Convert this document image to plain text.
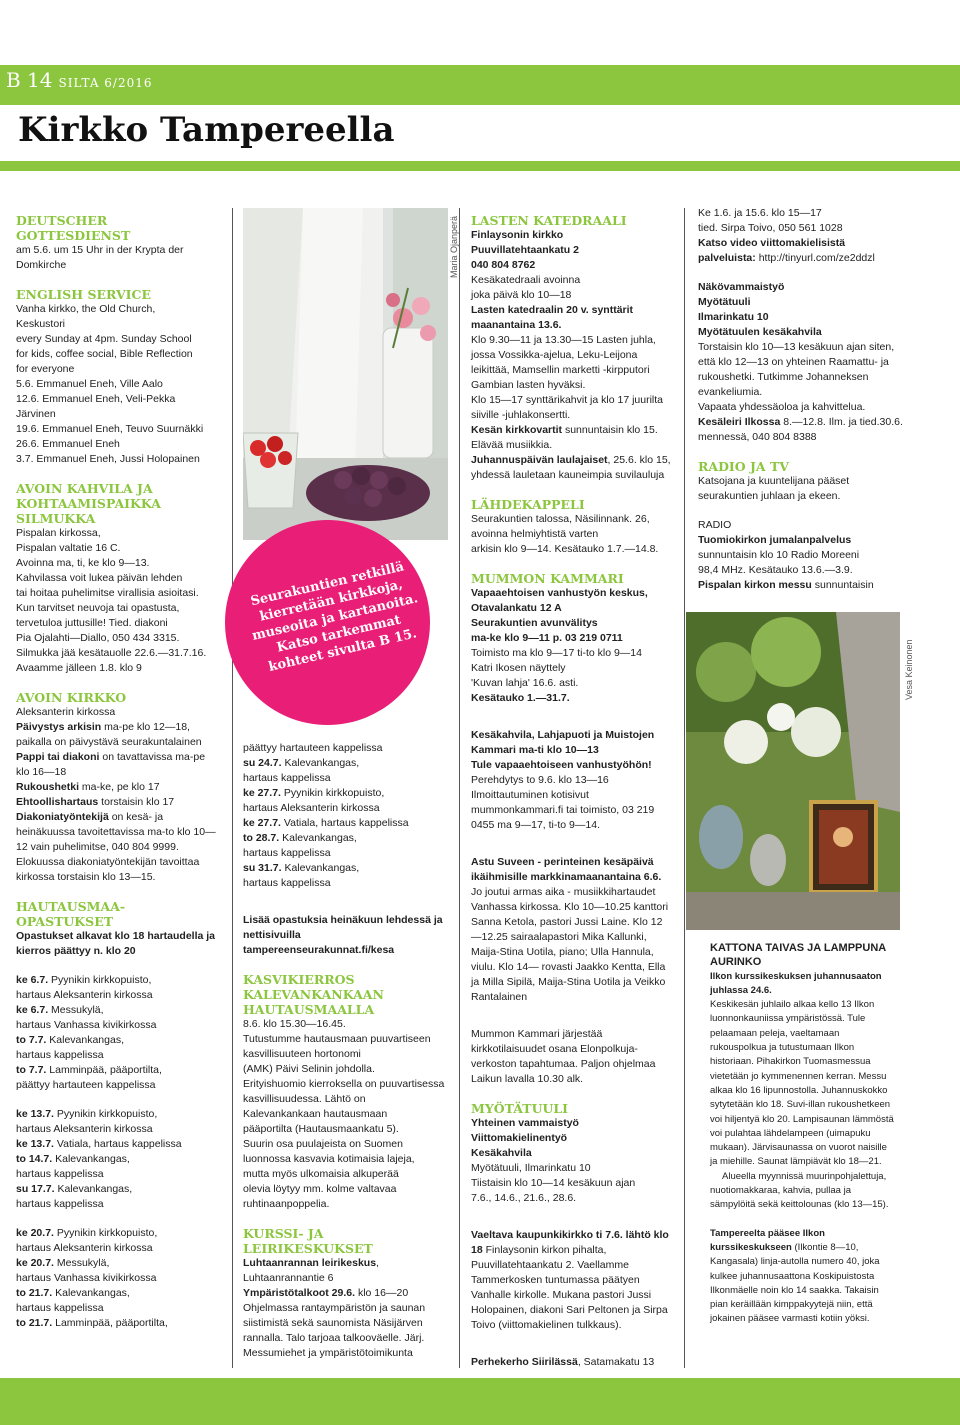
B 14 SILTA 6/2016
Kirkko Tampereella

DEUTSCHER GOTTESDIENST

am 5.6. um 15 Uhr in der Krypta der

Domkirche

ENGLISH SERVICE

Vanha kirkko, the Old Church,

Keskustori

every Sunday at 4pm. Sunday School

for kids, coffee social, Bible Reflection

for everyone

5.6. Emmanuel Eneh, Ville Aalo

12.6. Emmanuel Eneh, Veli-Pekka

Järvinen

19.6. Emmanuel Eneh, Teuvo Suurnäkki

26.6. Emmanuel Eneh

3.7. Emmanuel Eneh, Jussi Holopainen

AVOIN KAHVILA JA KOHTAAMISPAIKKA SILMUKKA

Pispalan kirkossa,

Pispalan valtatie 16 C.

Avoinna ma, ti, ke klo 9—13.

Kahvilassa voit lukea päivän lehden

tai hoitaa puhelimitse virallisia asioitasi.

Kun tarvitset neuvoja tai opastusta,

tervetuloa juttusille! Tied. diakoni

Pia Ojalahti—Diallo, 050 434 3315.

Silmukka jää kesätauolle 22.6.—31.7.16.

Avaamme jälleen 1.8. klo 9

AVOIN KIRKKO

Aleksanterin kirkossa

Päivystys arkisin ma-pe klo 12—18, paikalla on päivystävä seurakuntalainen

Pappi tai diakoni on tavattavissa ma-pe klo 16—18

Rukoushetki ma-ke, pe klo 17

Ehtoollishartaus torstaisin klo 17

Diakoniatyöntekijä on kesä- ja heinäkuussa tavoitettavissa ma-to klo 10—12 vain puhelimitse, 040 804 9999.

Elokuussa diakoniatyöntekijän tavoittaa kirkossa torstaisin klo 13—15.

HAUTAUSMAA-OPASTUKSET

Opastukset alkavat klo 18 hartaudella ja kierros päättyy n. klo 20

ke 6.7. Pyynikin kirkkopuisto,

hartaus Aleksanterin kirkossa

ke 6.7. Messukylä,

hartaus Vanhassa kivikirkossa

to 7.7. Kalevankangas,

hartaus kappelissa

to 7.7. Lamminpää, pääportilta,

päättyy hartauteen kappelissa

ke 13.7. Pyynikin kirkkopuisto,

hartaus Aleksanterin kirkossa

ke 13.7. Vatiala, hartaus kappelissa

to 14.7. Kalevankangas,

hartaus kappelissa

su 17.7. Kalevankangas,

hartaus kappelissa

ke 20.7. Pyynikin kirkkopuisto,

hartaus Aleksanterin kirkossa

ke 20.7. Messukylä,

hartaus Vanhassa kivikirkossa

to 21.7. Kalevankangas,

hartaus kappelissa

to 21.7. Lamminpää, pääportilta,

Maria Ojanperä
Seurakuntien retkillä kierretään kirkkoja, museoita ja kartanoita. Katso tarkemmat kohteet sivulta B 15.

päättyy hartauteen kappelissa

su 24.7. Kalevankangas,

hartaus kappelissa

ke 27.7. Pyynikin kirkkopuisto,

hartaus Aleksanterin kirkossa

ke 27.7. Vatiala, hartaus kappelissa

to 28.7. Kalevankangas,

hartaus kappelissa

su 31.7. Kalevankangas,

hartaus kappelissa

Lisää opastuksia heinäkuun lehdessä ja nettisivuilla tampereenseurakunnat.fi/kesa

KASVIKIERROS KALEVANKANKAAN HAUTAUSMAALLA

8.6. klo 15.30—16.45.

Tutustumme hautausmaan puuvartiseen kasvillisuuteen hortonomi

(AMK) Päivi Selinin johdolla.

Erityishuomio kierroksella on puuvartisessa kasvillisuudessa. Lähtö on

Kalevankankaan hautausmaan

pääportilta (Hautausmaankatu 5).

Suurin osa puulajeista on Suomen

luonnossa kasvavia kotimaisia lajeja,

mutta myös ulkomaisia alkuperää

olevia löytyy mm. kolme valtavaa

ruhtinaanpoppelia.

KURSSI- JA LEIRIKESKUKSET

Luhtaanrannan leirikeskus, Luhtaanrannantie 6
Ympäristötalkoot 29.6. klo 16—20 Ohjelmassa rantaympäristön ja saunan siistimistä sekä saunomista Näsijärven rannalla. Talo tarjoaa talkooväelle. Järj. Messumiehet ja ympäristötoimikunta

LASTEN KATEDRAALI

Finlaysonin kirkko

Puuvillatehtaankatu 2

040 804 8762

Kesäkatedraali avoinna

joka päivä klo 10—18

Lasten katedraalin 20 v. synttärit maanantaina 13.6.

Klo 9.30—11 ja 13.30—15 Lasten juhla, jossa Vossikka-ajelua, Leku-Leijona leikittää, Mamsellin marketti -kirpputori Gambian lasten hyväksi.

Klo 15—17 synttärikahvit ja klo 17 juurilta siiville -juhlakonsertti.

Kesän kirkkovartit sunnuntaisin klo 15. Elävää musiikkia.

Juhannuspäivän laulajaiset, 25.6. klo 15, yhdessä lauletaan kauneimpia suvilauluja

LÄHDEKAPPELI

Seurakuntien talossa, Näsilinnank. 26, avoinna helmiyhtistä varten

arkisin klo 9—14. Kesätauko 1.7.—14.8.

MUMMON KAMMARI

Vapaaehtoisen vanhustyön keskus, Otavalankatu 12 A

Seurakuntien avunvälitys

ma-ke klo 9—11 p. 03 219 0711

Toimisto ma klo 9—17 ti-to klo 9—14

Katri Ikosen näyttely

'Kuvan lahja' 16.6. asti.

Kesätauko 1.—31.7.

Kesäkahvila, Lahjapuoti ja Muistojen Kammari ma-ti klo 10—13

Tule vapaaehtoiseen vanhustyöhön!

Perehdytys to 9.6. klo 13—16

Ilmoittautuminen kotisivut mummonkammari.fi tai toimisto, 03 219 0455 ma 9—17, ti-to 9—14.

Astu Suveen - perinteinen kesäpäivä ikäihmisille markkinamaanantaina 6.6. Jo joutui armas aika - musiikkihartaudet Vanhassa kirkossa. Klo 10—10.25 kanttori Sanna Ketola, pastori Jussi Laine. Klo 12—12.25 sairaalapastori Mika Kallunki, Maija-Stina Uotila, piano; Ulla Hannula, viulu. Klo 14— rovasti Jaakko Kentta, Ella ja Milla Sipilä, Maija-Stina Uotila ja Veikko Rantalainen

Mummon Kammari järjestää kirkkotilaisuudet osana Elonpolkuja-verkoston tapahtumaa. Paljon ohjelmaa Laikun lavalla 10.30 alk.

MYÖTÄTUULI

Yhteinen vammaistyö

Viittomakielinentyö

Kesäkahvila

Myötätuuli, Ilmarinkatu 10

Tiistaisin klo 10—14 kesäkuun ajan

7.6., 14.6., 21.6., 28.6.

Vaeltava kaupunkikirkko ti 7.6. lähtö klo 18 Finlaysonin kirkon pihalta, Puuvillatehtaankatu 2. Vaellamme Tammerkosken tuntumassa päätyen Vanhalle kirkolle. Mukana pastori Jussi Holopainen, diakoni Sari Peltonen ja Sirpa Toivo (viittomakielinen tulkkaus).

Perhekerho Siirilässä, Satamakatu 13

Ke 1.6. ja 15.6. klo 15—17

tied. Sirpa Toivo, 050 561 1028

Katso video viittomakielisistä palveluista: http://tinyurl.com/ze2ddzl

Näkövammaistyö

Myötätuuli

Ilmarinkatu 10

Myötätuulen kesäkahvila

Torstaisin klo 10—13 kesäkuun ajan siten, että klo 12—13 on yhteinen Raamattu- ja rukoushetki. Tutkimme Johanneksen evankeliumia.

Vapaata yhdessäoloa ja kahvittelua.

Kesäleiri Ilkossa 8.—12.8. Ilm. ja tied.30.6. mennessä, 040 804 8388

RADIO JA TV

Katsojana ja kuuntelijana pääset seurakuntien juhlaan ja ekeen.

RADIO

Tuomiokirkon jumalanpalvelus

sunnuntaisin klo 10 Radio Moreeni

98,4 MHz. Kesätauko 13.6.—3.9.

Pispalan kirkon messu sunnuntaisin

Vesa Keinonen

KATTONA TAIVAS JA LAMPPUNA AURINKO

Ilkon kurssikeskuksen juhannusaaton juhlassa 24.6.

Keskikesän juhlailo alkaa kello 13 Ilkon luonnonkauniissa ympäristössä. Tule pelaamaan peleja, vaeltamaan rukouspolkua ja tutustumaan Ilkon historiaan. Pihakirkon Tuomasmessua vietetään jo kymmenennen kerran. Messu alkaa klo 16 lipunnostolla. Juhannuskokko sytytetään klo 18. Suvi-illan rukoushetkeen voi hiljentyä klo 20. Lampisaunan lämmöstä voi pulahtaa lähdelampeen (uimapuku mukaan). Järvisaunassa on vuorot naisille ja miehille. Saunat lämpiävät klo 18—21.

Alueella myynnissä muurinpohjalettuja, nuotiomakkaraa, kahvia, pullaa ja sämpylöitä sekä keittolounas (klo 13—15).

Tampereelta pääsee Ilkon kurssikeskukseen (Ilkontie 8—10, Kangasala) linja-autolla numero 40, joka kulkee juhannusaattona Koskipuistosta Ilkonmäelle noin klo 14 saakka. Takaisin pian keräillään kimppakyytejä niin, että jokainen pääsee varmasti kotiin yöksi.
